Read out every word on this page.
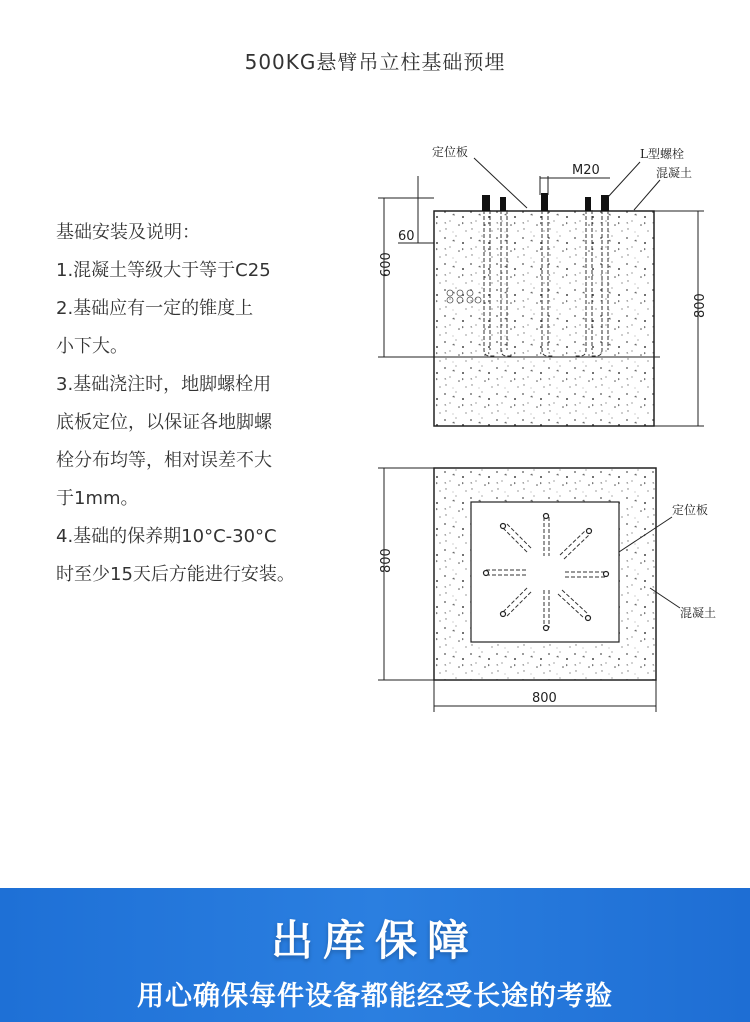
500KG悬臂吊立柱基础预埋
基础安装及说明：
1.混凝土等级大于等于C25
2.基础应有一定的锥度上
小下大。
3.基础浇注时，地脚螺栓用
底板定位，以保证各地脚螺
栓分布均等，相对误差不大
于1mm。
4.基础的保养期10°C-30°C
时至少15天后方能进行安装。
定位板	L型螺栓
混凝土
M20
60
600
800
定位板
混凝土
800
800
出库保障
用心确保每件设备都能经受长途的考验
